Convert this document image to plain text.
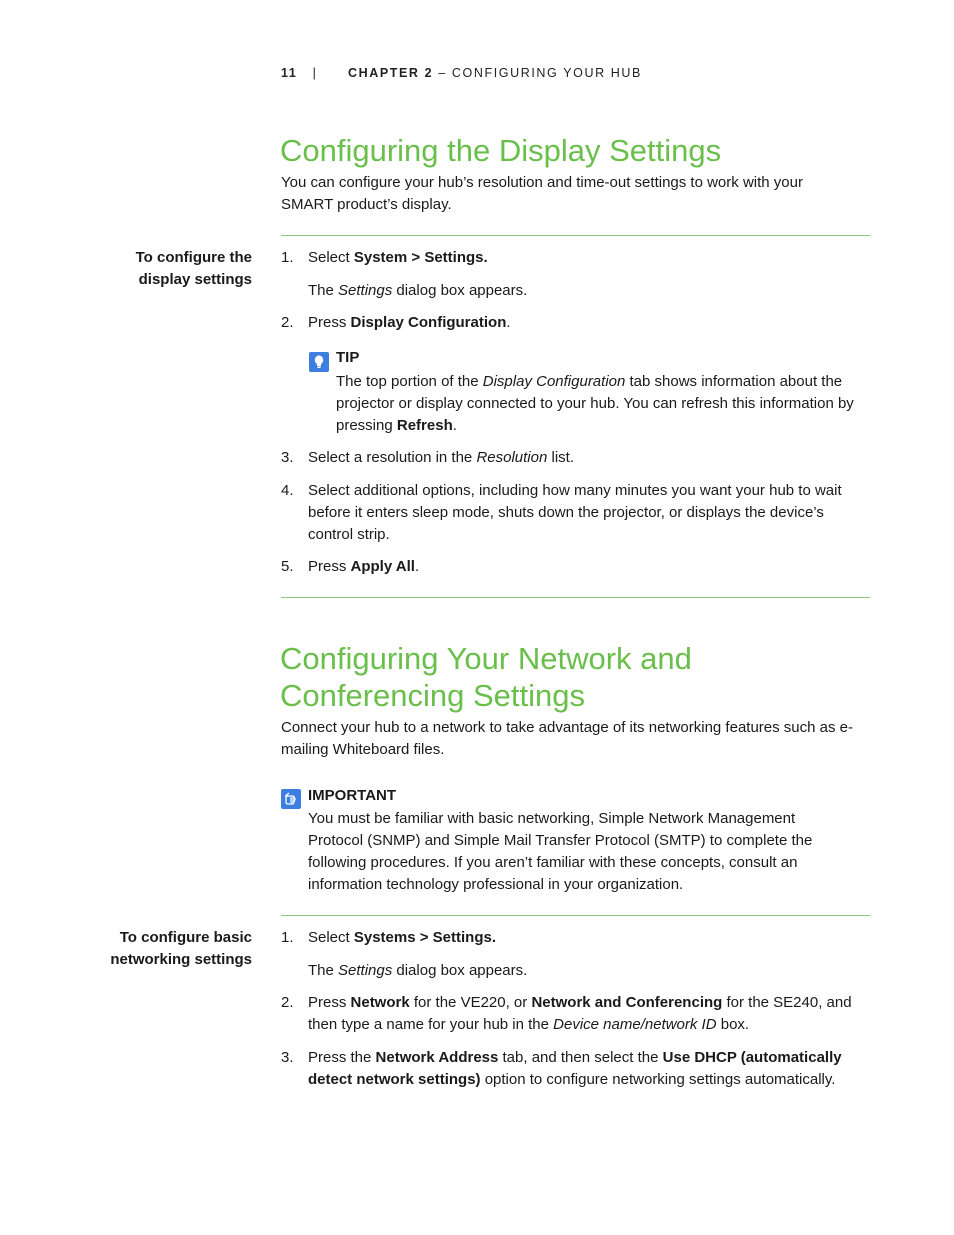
11 | CHAPTER 2 – CONFIGURING YOUR HUB
Configuring the Display Settings

You can configure your hub’s resolution and time-out settings to work with your SMART product’s display.

To configure the
display settings
1. Select System > Settings.
The Settings dialog box appears.
2. Press Display Configuration.
TIP
The top portion of the Display Configuration tab shows information about the projector or display connected to your hub. You can refresh this information by pressing Refresh.
3. Select a resolution in the Resolution list.
4. Select additional options, including how many minutes you want your hub to wait before it enters sleep mode, shuts down the projector, or displays the device’s control strip.
5. Press Apply All.
Configuring Your Network and
Conferencing Settings

Connect your hub to a network to take advantage of its networking features such as e-mailing Whiteboard files.

IMPORTANT
You must be familiar with basic networking, Simple Network Management Protocol (SNMP) and Simple Mail Transfer Protocol (SMTP) to complete the following procedures. If you aren’t familiar with these concepts, consult an information technology professional in your organization.
To configure basic
networking settings
1. Select Systems > Settings.
The Settings dialog box appears.
2. Press Network for the VE220, or Network and Conferencing for the SE240, and then type a name for your hub in the Device name/network ID box.
3. Press the Network Address tab, and then select the Use DHCP (automatically detect network settings) option to configure networking settings automatically.
